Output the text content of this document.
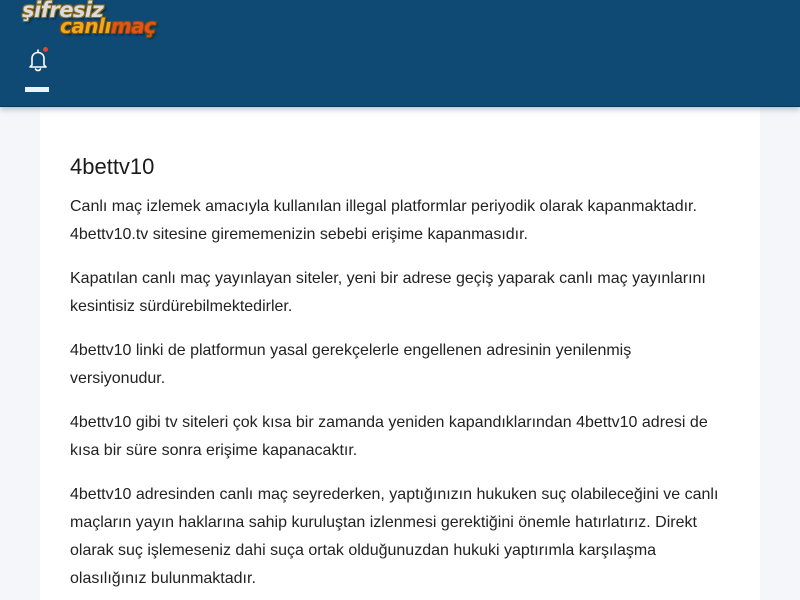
şifresiz
canlımaç
4bettv10

Canlı maç izlemek amacıyla kullanılan illegal platformlar periyodik olarak kapanmaktadır. 4bettv10.tv sitesine girememenizin sebebi erişime kapanmasıdır.

Kapatılan canlı maç yayınlayan siteler, yeni bir adrese geçiş yaparak canlı maç yayınlarını kesintisiz sürdürebilmektedirler.

4bettv10 linki de platformun yasal gerekçelerle engellenen adresinin yenilenmiş versiyonudur.

4bettv10 gibi tv siteleri çok kısa bir zamanda yeniden kapandıklarından 4bettv10 adresi de kısa bir süre sonra erişime kapanacaktır.

4bettv10 adresinden canlı maç seyrederken, yaptığınızın hukuken suç olabileceğini ve canlı maçların yayın haklarına sahip kuruluştan izlenmesi gerektiğini önemle hatırlatırız. Direkt olarak suç işlemeseniz dahi suça ortak olduğunuzdan hukuki yaptırımla karşılaşma olasılığınız bulunmaktadır.
